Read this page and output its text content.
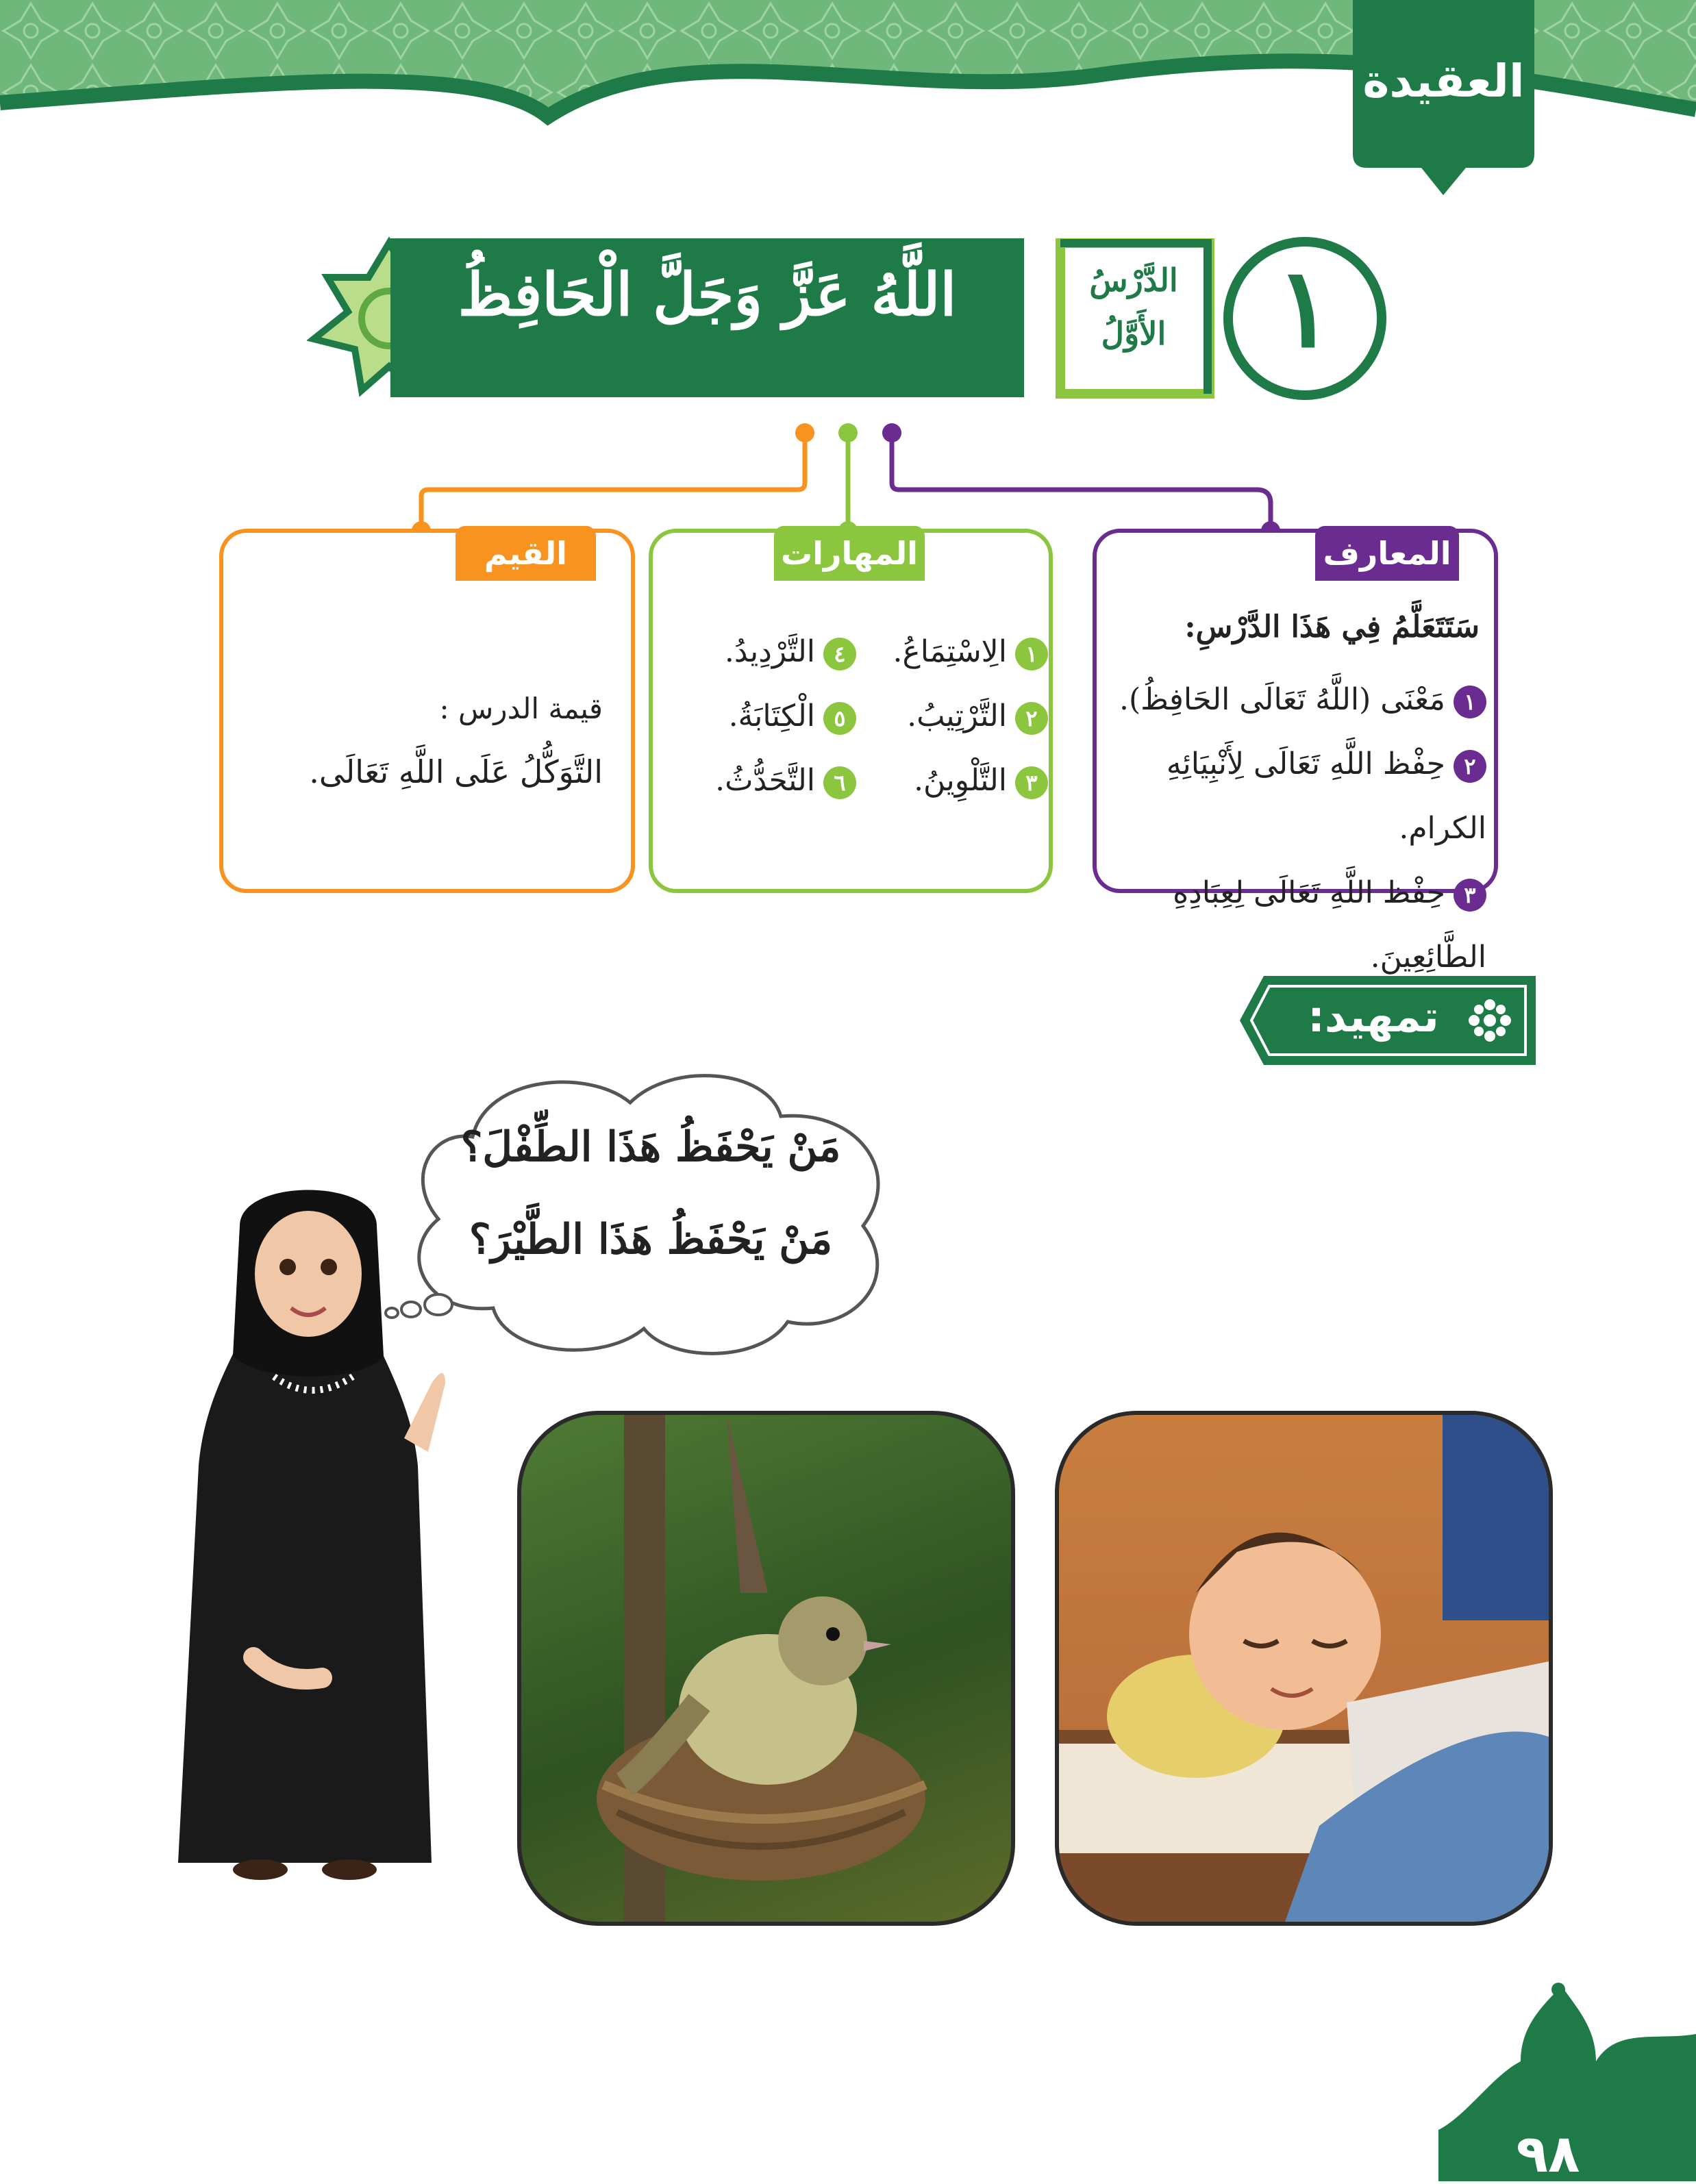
العقيدة
اللَّهُ عَزَّ وَجَلَّ الْحَافِظُ	الدَّرْسُ
الأَوَّلُ ١
المعارف
سَتَتَعَلَّمُ فِي هَذَا الدَّرْسِ:
١مَعْنَى (اللَّهُ تَعَالَى الحَافِظُ).
٢حِفْظ اللَّهِ تَعَالَى لِأَنْبِيَائِهِ الكرام.
٣حِفْظ اللَّهِ تَعَالَى لِعِبَادِهِ الطَّائِعِينَ.
المهارات
١الِاسْتِمَاعُ.
٢التَّرْتِيبُ.
٣التَّلْوِينُ.
٤التَّرْدِيدُ.
٥الْكِتَابَةُ.
٦التَّحَدُّثُ.
القيم
قيمة الدرس :
التَّوَكُّلُ عَلَى اللَّهِ تَعَالَى.
تمهيد:
مَنْ يَحْفَظُ هَذَا الطِّفْلَ؟
مَنْ يَحْفَظُ هَذَا الطَّيْرَ؟
٩٨
